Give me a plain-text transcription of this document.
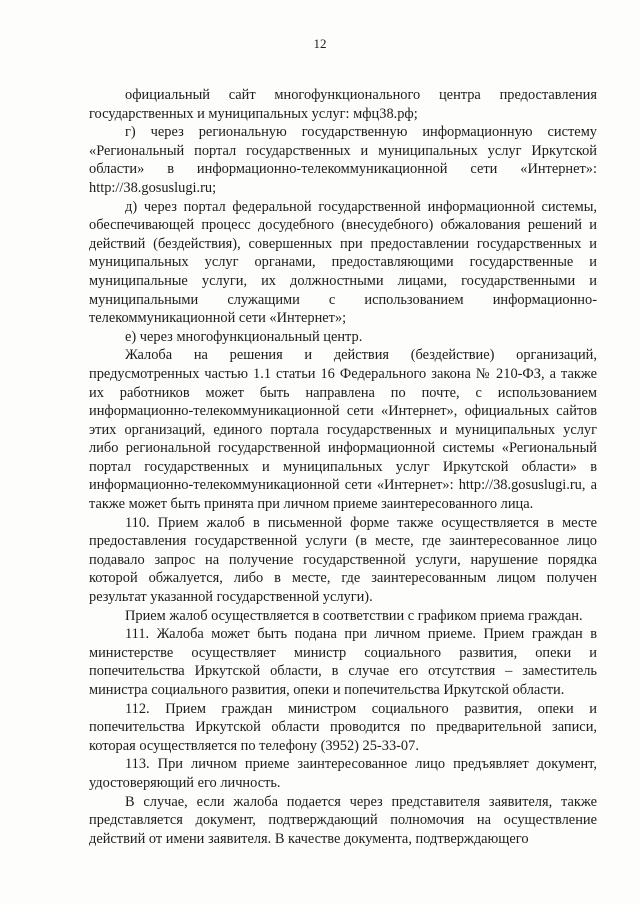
12

официальный сайт многофункционального центра предоставления государственных и муниципальных услуг: мфц38.рф;

г) через региональную государственную информационную систему «Региональный портал государственных и муниципальных услуг Иркутской области» в информационно-телекоммуникационной сети «Интернет»: http://38.gosuslugi.ru;

д) через портал федеральной государственной информационной системы, обеспечивающей процесс досудебного (внесудебного) обжалования решений и действий (бездействия), совершенных при предоставлении государственных и муниципальных услуг органами, предоставляющими государственные и муниципальные услуги, их должностными лицами, государственными и муниципальными служащими с использованием информационно-телекоммуникационной сети «Интернет»;

е) через многофункциональный центр.

Жалоба на решения и действия (бездействие) организаций, предусмотренных частью 1.1 статьи 16 Федерального закона № 210-ФЗ, а также их работников может быть направлена по почте, с использованием информационно-телекоммуникационной сети «Интернет», официальных сайтов этих организаций, единого портала государственных и муниципальных услуг либо региональной государственной информационной системы «Региональный портал государственных и муниципальных услуг Иркутской области» в информационно-телекоммуникационной сети «Интернет»: http://38.gosuslugi.ru, а также может быть принята при личном приеме заинтересованного лица.

110. Прием жалоб в письменной форме также осуществляется в месте предоставления государственной услуги (в месте, где заинтересованное лицо подавало запрос на получение государственной услуги, нарушение порядка которой обжалуется, либо в месте, где заинтересованным лицом получен результат указанной государственной услуги).

Прием жалоб осуществляется в соответствии с графиком приема граждан.

111. Жалоба может быть подана при личном приеме. Прием граждан в министерстве осуществляет министр социального развития, опеки и попечительства Иркутской области, в случае его отсутствия – заместитель министра социального развития, опеки и попечительства Иркутской области.

112. Прием граждан министром социального развития, опеки и попечительства Иркутской области проводится по предварительной записи, которая осуществляется по телефону (3952) 25-33-07.

113. При личном приеме заинтересованное лицо предъявляет документ, удостоверяющий его личность.

В случае, если жалоба подается через представителя заявителя, также представляется документ, подтверждающий полномочия на осуществление действий от имени заявителя. В качестве документа, подтверждающего
